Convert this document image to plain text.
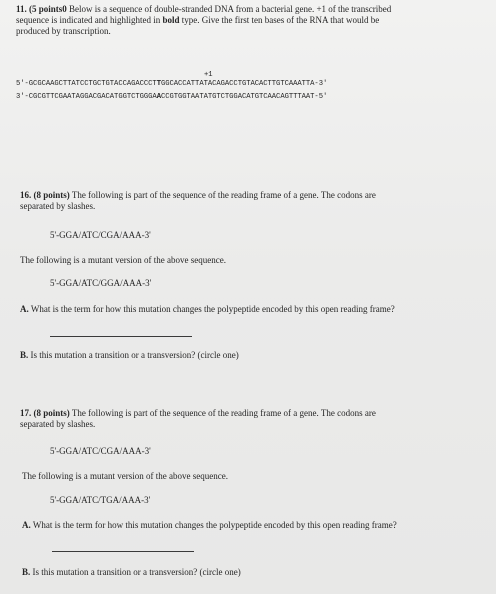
11. (5 points0 Below is a sequence of double-stranded DNA from a bacterial gene. +1 of the transcribed
sequence is indicated and highlighted in bold type. Give the first ten bases of the RNA that would be
produced by transcription.
+1
5'-GCGCAAGCTTATCCTGCTGTACCAGACCCTTGGCACCATTATACAGACCTGTACACTTGTCAAATTA-3'
3'-CGCGTTCGAATAGGACGACATGGTCTGGGAACCGTGGTAATATGTCTGGACATGTCAACAGTTTAAT-5'
16. (8 points) The following is part of the sequence of the reading frame of a gene. The codons are
separated by slashes.
5'-GGA/ATC/CGA/AAA-3'
The following is a mutant version of the above sequence.
5'-GGA/ATC/GGA/AAA-3'
A. What is the term for how this mutation changes the polypeptide encoded by this open reading frame?
B. Is this mutation a transition or a transversion? (circle one)
17. (8 points) The following is part of the sequence of the reading frame of a gene. The codons are
separated by slashes.
5'-GGA/ATC/CGA/AAA-3'
The following is a mutant version of the above sequence.
5'-GGA/ATC/TGA/AAA-3'
A. What is the term for how this mutation changes the polypeptide encoded by this open reading frame?
B. Is this mutation a transition or a transversion? (circle one)
